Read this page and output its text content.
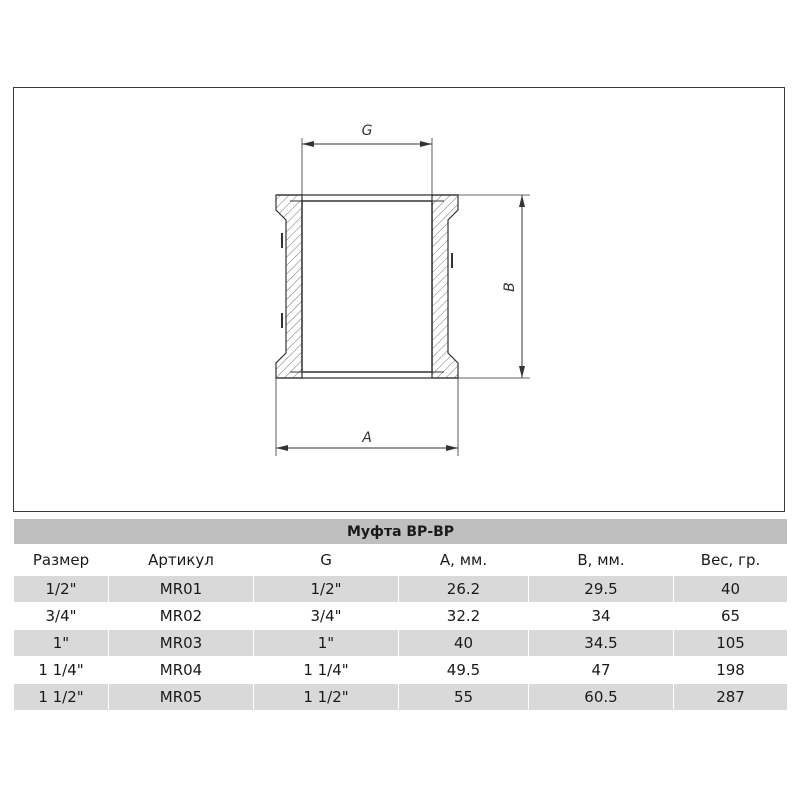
G
A
B
Муфта ВР-ВР					
Размер	Артикул	G	A, мм.	B, мм.	Вес, гр.
1/2"	MR01	1/2"	26.2	29.5	40
3/4"	MR02	3/4"	32.2	34	65
1"	MR03	1"	40	34.5	105
1 1/4"	MR04	1 1/4"	49.5	47	198
1 1/2"	MR05	1 1/2"	55	60.5	287
